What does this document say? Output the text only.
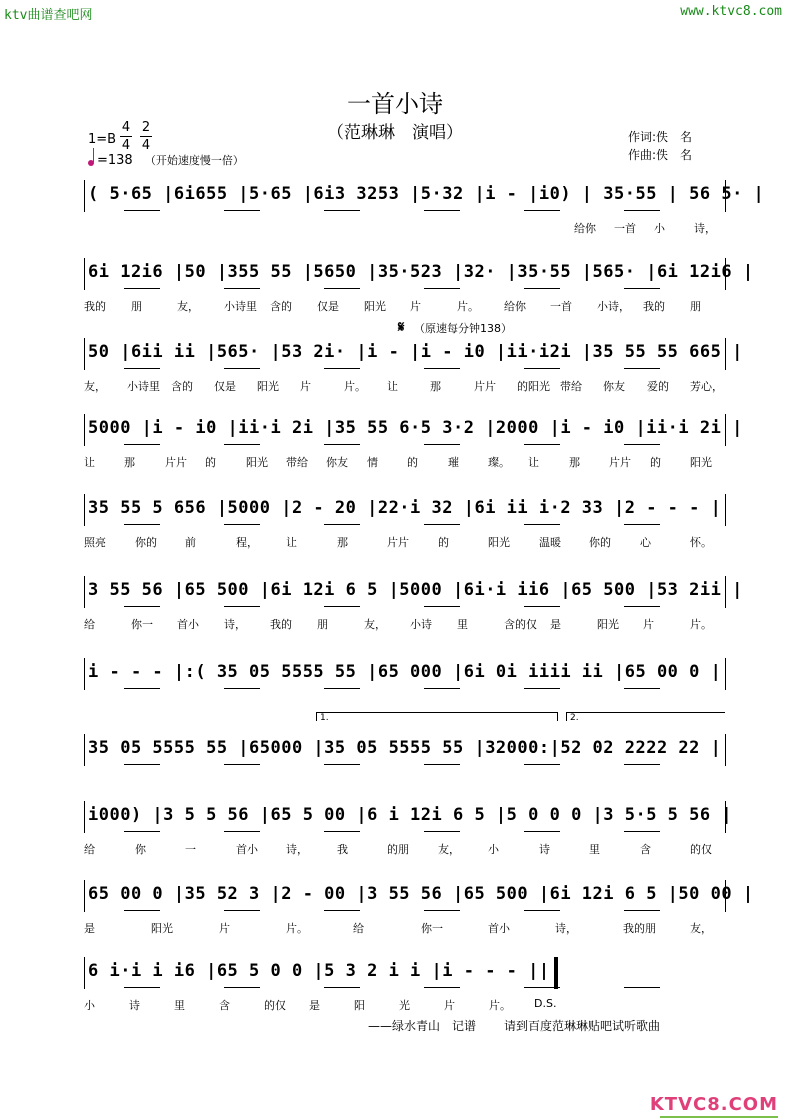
ktv曲谱查吧网	www.ktvc8.com
一首小诗
（范琳琳　演唱）	作词:佚　名
作曲:佚　名
1=B
4
4
2
4
=138 （开始速度慢一倍）
𝄋 （原速每分钟138）
( 5·65 |6i655 |5·65 |6i3 3253 |5·32 |i - |i0) | 35·55 | 56 5· |
给你 一首 小	诗，
6i 12i6 |50 |355 55 |5650 |35·523 |32· |35·55 |565· |6i 12i6 |
我的 朋	友， 小诗里 含的 仅是 阳光 片	片。 给你 一首 小诗， 我的 朋
50 |6ii ii |565· |53 2i· |i - |i - i0 |ii·i2i |35 55 55 665 |
友， 小诗里 含的 仅是 阳光 片	片。 让	那	片片 的阳光 带给 你友 爱的 芳心，
5000 |i - i0 |ii·i 2i |35 55 6·5 3·2 |2000 |i - i0 |ii·i 2i |
让	那	片片 的	阳光 带给 你友 情	的	璀	璨。 让	那	片片 的	阳光
35 55 5 656 |5000 |2 - 20 |22·i 32 |6i ii i·2 33 |2 - - - |
照亮	你的	前	程，	让	那	片片	的	阳光	温暖	你的	心	怀。
3 55 56 |65 500 |6i 12i 6 5 |5000 |6i·i ii6 |65 500 |53 2ii |
给	你一 首小 诗， 我的 朋	友， 小诗 里	含的仅 是	阳光 片	片。
i - - - |:( 35 05 5555 55 |65 000 |6i 0i iiii ii |65 00 0 |
35 05 5555 55 |65000 |35 05 5555 55 |32000:|52 02 2222 22 |
1.	2.
i000) |3 5 5 56 |65 5 00 |6 i 12i 6 5 |5 0 0 0 |3 5·5 5 56 |
给	你	一	首小	诗，	我	的朋	友，	小	诗	里	含	的仅
65 00 0 |35 52 3 |2 - 00 |3 55 56 |65 500 |6i 12i 6 5 |50 00 |
是	阳光	片	片。	给	你一	首小	诗，	我的朋	友，
6 i·i i i6 |65 5 0 0 |5 3 2 i i |i - - - ||
小	诗	里	含	的仅 是	阳	光	片	片。 D.S.
——绿水青山　记谱 请到百度范琳琳贴吧试听歌曲
KTVC8.COM
